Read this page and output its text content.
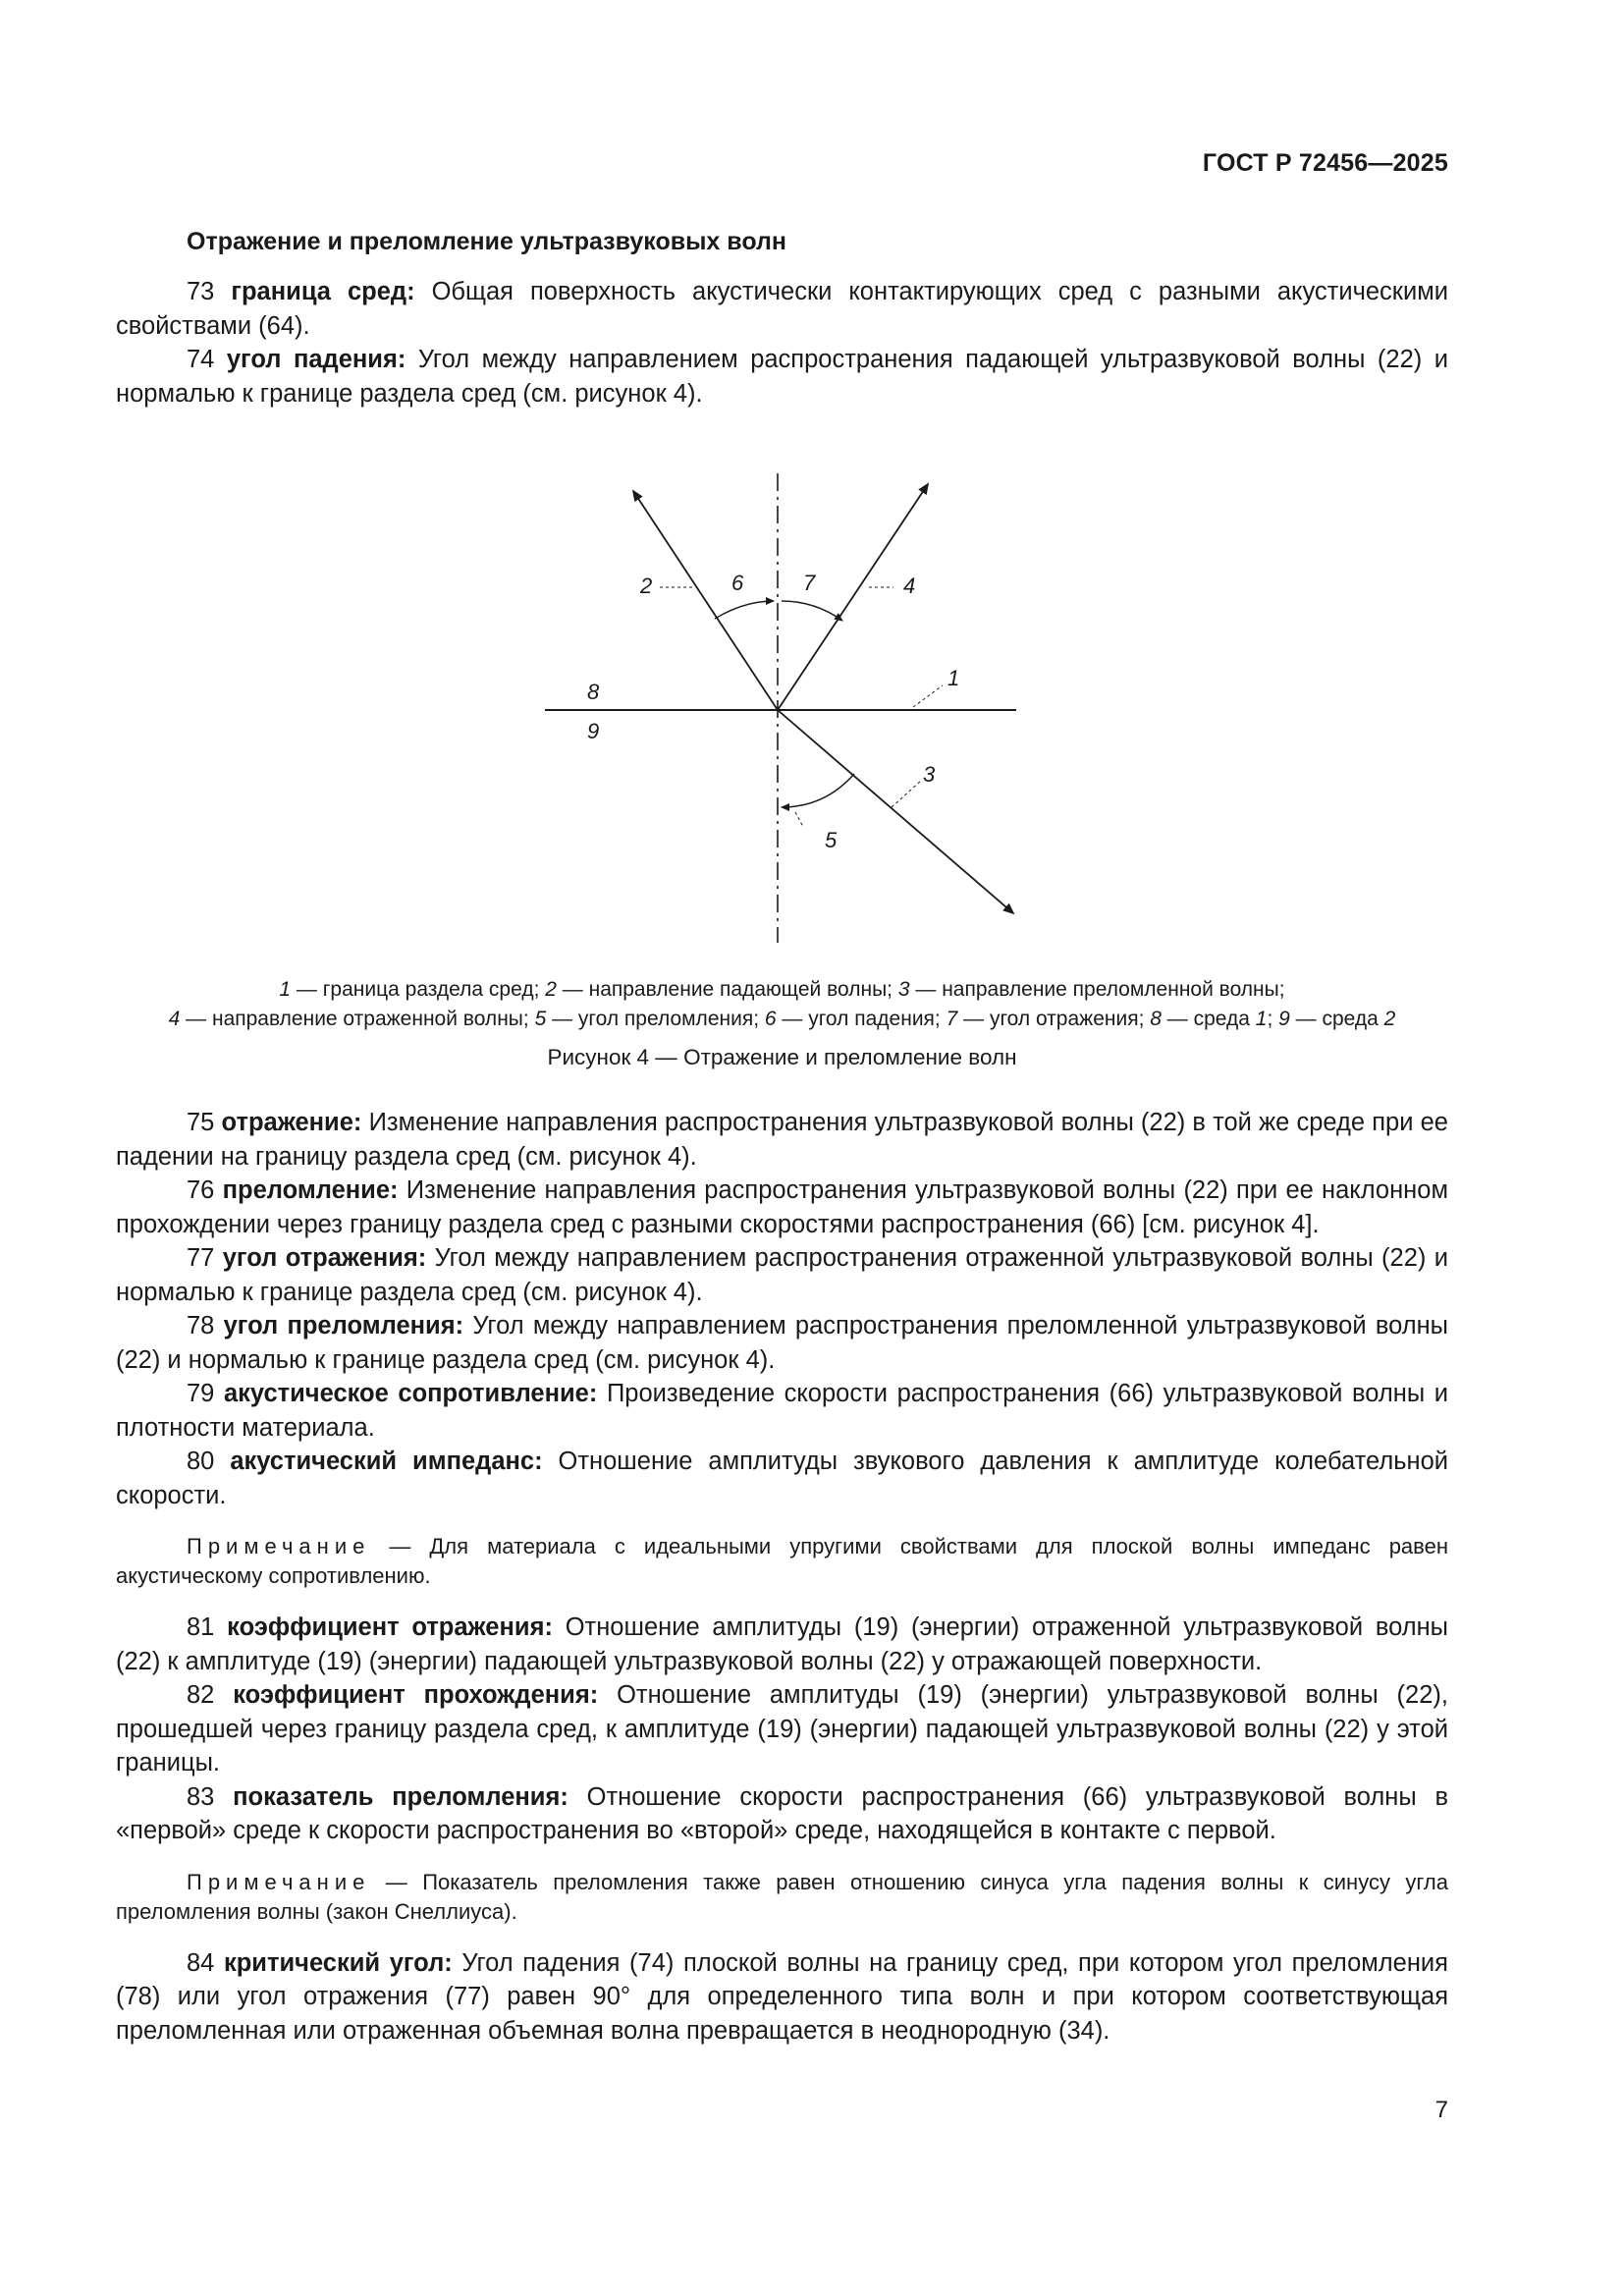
ГОСТ Р 72456—2025
Отражение и преломление ультразвуковых волн

73 граница сред: Общая поверхность акустически контактирующих сред с разными акустическими свойствами (64).

74 угол падения: Угол между направлением распространения падающей ультразвуковой волны (22) и нормалью к границе раздела сред (см. рисунок 4).

1
2
3
4
5
6	7
8
9
1 — граница раздела сред; 2 — направление падающей волны; 3 — направление преломленной волны;
4 — направление отраженной волны; 5 — угол преломления; 6 — угол падения; 7 — угол отражения; 8 — среда 1; 9 — среда 2
Рисунок 4 — Отражение и преломление волн

75 отражение: Изменение направления распространения ультразвуковой волны (22) в той же среде при ее падении на границу раздела сред (см. рисунок 4).

76 преломление: Изменение направления распространения ультразвуковой волны (22) при ее наклонном прохождении через границу раздела сред с разными скоростями распространения (66) [см. рисунок 4].

77 угол отражения: Угол между направлением распространения отраженной ультразвуковой волны (22) и нормалью к границе раздела сред (см. рисунок 4).

78 угол преломления: Угол между направлением распространения преломленной ультразвуковой волны (22) и нормалью к границе раздела сред (см. рисунок 4).

79 акустическое сопротивление: Произведение скорости распространения (66) ультразвуковой волны и плотности материала.

80 акустический импеданс: Отношение амплитуды звукового давления к амплитуде колебательной скорости.

Примечание — Для материала с идеальными упругими свойствами для плоской волны импеданс равен акустическому сопротивлению.

81 коэффициент отражения: Отношение амплитуды (19) (энергии) отраженной ультразвуковой волны (22) к амплитуде (19) (энергии) падающей ультразвуковой волны (22) у отражающей поверхности.

82 коэффициент прохождения: Отношение амплитуды (19) (энергии) ультразвуковой волны (22), прошедшей через границу раздела сред, к амплитуде (19) (энергии) падающей ультразвуковой волны (22) у этой границы.

83 показатель преломления: Отношение скорости распространения (66) ультразвуковой волны в «первой» среде к скорости распространения во «второй» среде, находящейся в контакте с первой.

Примечание — Показатель преломления также равен отношению синуса угла падения волны к синусу угла преломления волны (закон Снеллиуса).

84 критический угол: Угол падения (74) плоской волны на границу сред, при котором угол преломления (78) или угол отражения (77) равен 90° для определенного типа волн и при котором соответствующая преломленная или отраженная объемная волна превращается в неоднородную (34).

7
